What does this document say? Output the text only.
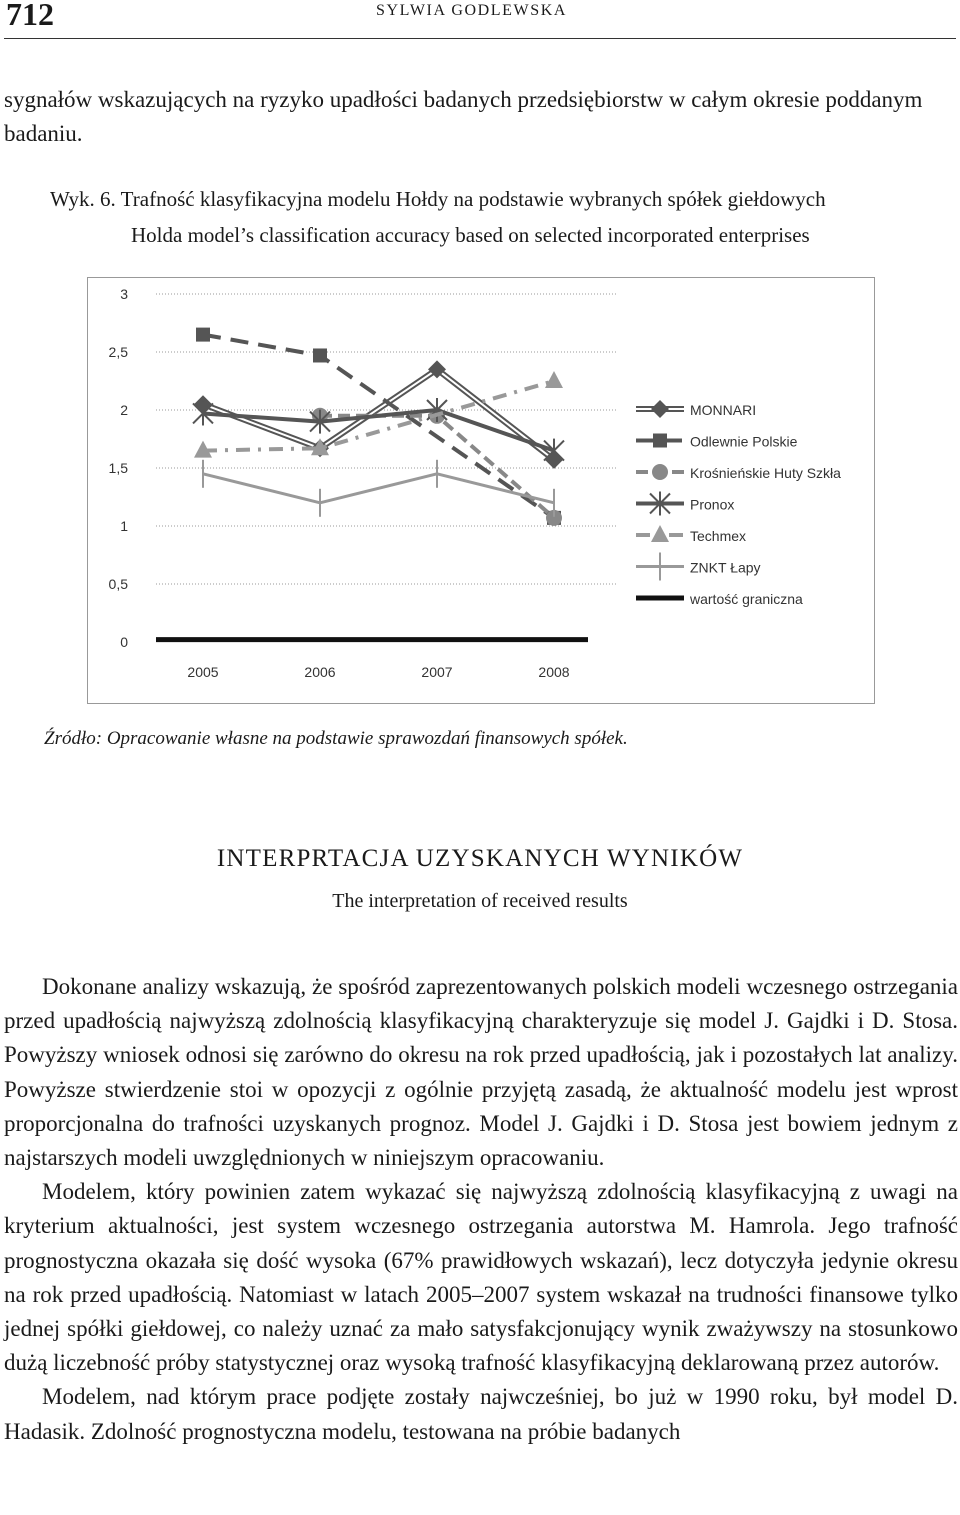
712	SYLWIA GODLEWSKA

sygnałów wskazujących na ryzyko upadłości badanych przedsiębiorstw w całym okresie poddanym badaniu.

Wyk. 6. Trafność klasyfikacyjna modelu Hołdy na podstawie wybranych spółek giełdowych
Holda model’s classification accuracy based on selected incorporated enterprises
0
0,5
1
1,5
2
2,5
3
2005	2006	2007	2008
MONNARI
Odlewnie Polskie
Krośnieńskie Huty Szkła
Pronox
Techmex
ZNKT Łapy
wartość graniczna
Źródło: Opracowanie własne na podstawie sprawozdań finansowych spółek.
INTERPRTACJA UZYSKANYCH WYNIKÓW
The interpretation of received results

Dokonane analizy wskazują, że spośród zaprezentowanych polskich modeli wczesnego ostrzegania przed upadłością najwyższą zdolnością klasyfikacyjną charakteryzuje się model J. Gajdki i D. Stosa. Powyższy wniosek odnosi się zarówno do okresu na rok przed upadłością, jak i pozostałych lat analizy. Powyższe stwierdzenie stoi w opozycji z ogólnie przyjętą zasadą, że aktualność modelu jest wprost proporcjonalna do trafności uzyskanych prognoz. Model J. Gajdki i D. Stosa jest bowiem jednym z najstarszych modeli uwzględnionych w niniejszym opracowaniu.

Modelem, który powinien zatem wykazać się najwyższą zdolnością klasyfikacyjną z uwagi na kryterium aktualności, jest system wczesnego ostrzegania autorstwa M. Hamrola. Jego trafność prognostyczna okazała się dość wysoka (67% prawidłowych wskazań), lecz dotyczyła jedynie okresu na rok przed upadłością. Natomiast w latach 2005–2007 system wskazał na trudności finansowe tylko jednej spółki giełdowej, co należy uznać za mało satysfakcjonujący wynik zważywszy na stosunkowo dużą liczebność próby statystycznej oraz wysoką trafność klasyfikacyjną deklarowaną przez autorów.

Modelem, nad którym prace podjęte zostały najwcześniej, bo już w 1990 roku, był model D. Hadasik. Zdolność prognostyczna modelu, testowana na próbie badanych
